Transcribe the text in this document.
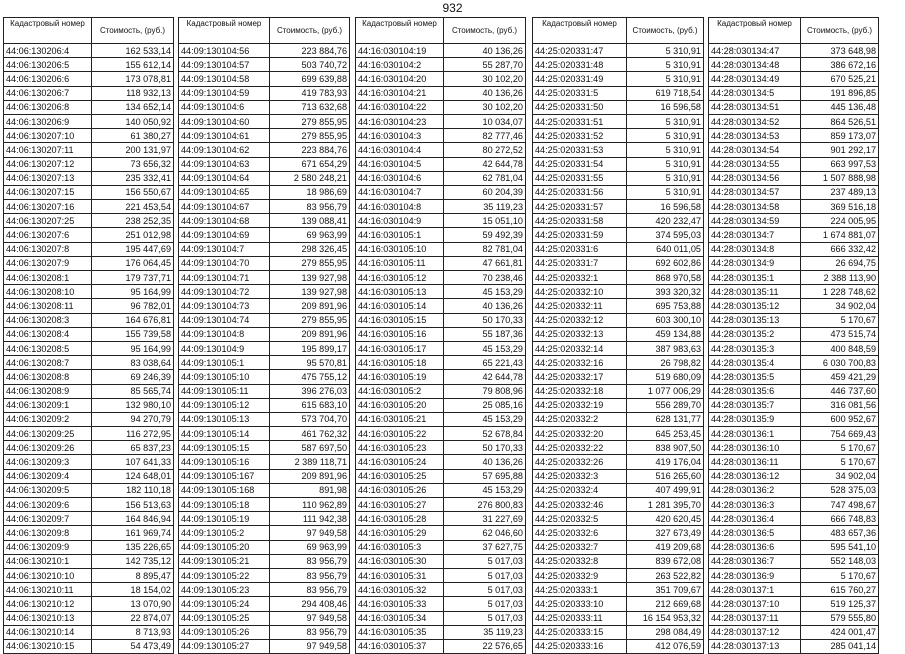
932
Кадастровый номер	Стоимость, (руб.)
44:06:130206:4	162 533,14
44:06:130206:5	155 612,14
44:06:130206:6	173 078,81
44:06:130206:7	118 932,13
44:06:130206:8	134 652,14
44:06:130206:9	140 050,92
44:06:130207:10	61 380,27
44:06:130207:11	200 131,97
44:06:130207:12	73 656,32
44:06:130207:13	235 332,41
44:06:130207:15	156 550,67
44:06:130207:16	221 453,54
44:06:130207:25	238 252,35
44:06:130207:6	251 012,98
44:06:130207:8	195 447,69
44:06:130207:9	176 064,45
44:06:130208:1	179 737,71
44:06:130208:10	95 164,99
44:06:130208:11	96 782,01
44:06:130208:3	164 676,81
44:06:130208:4	155 739,58
44:06:130208:5	95 164,99
44:06:130208:7	83 038,64
44:06:130208:8	69 246,39
44:06:130208:9	85 565,74
44:06:130209:1	132 980,10
44:06:130209:2	94 270,79
44:06:130209:25	116 272,95
44:06:130209:26	65 837,23
44:06:130209:3	107 641,33
44:06:130209:4	124 648,01
44:06:130209:5	182 110,18
44:06:130209:6	156 513,63
44:06:130209:7	164 846,94
44:06:130209:8	161 969,74
44:06:130209:9	135 226,65
44:06:130210:1	142 735,12
44:06:130210:10	8 895,47
44:06:130210:11	18 154,02
44:06:130210:12	13 070,90
44:06:130210:13	22 874,07
44:06:130210:14	8 713,93
44:06:130210:15	54 473,49
Кадастровый номер	Стоимость, (руб.)
44:09:130104:56	223 884,76
44:09:130104:57	503 740,72
44:09:130104:58	699 639,88
44:09:130104:59	419 783,93
44:09:130104:6	713 632,68
44:09:130104:60	279 855,95
44:09:130104:61	279 855,95
44:09:130104:62	223 884,76
44:09:130104:63	671 654,29
44:09:130104:64	2 580 248,21
44:09:130104:65	18 986,69
44:09:130104:67	83 956,79
44:09:130104:68	139 088,41
44:09:130104:69	69 963,99
44:09:130104:7	298 326,45
44:09:130104:70	279 855,95
44:09:130104:71	139 927,98
44:09:130104:72	139 927,98
44:09:130104:73	209 891,96
44:09:130104:74	279 855,95
44:09:130104:8	209 891,96
44:09:130104:9	195 899,17
44:09:130105:1	95 570,81
44:09:130105:10	475 755,12
44:09:130105:11	396 276,03
44:09:130105:12	615 683,10
44:09:130105:13	573 704,70
44:09:130105:14	461 762,32
44:09:130105:15	587 697,50
44:09:130105:16	2 389 118,71
44:09:130105:167	209 891,96
44:09:130105:168	891,98
44:09:130105:18	110 962,89
44:09:130105:19	111 942,38
44:09:130105:2	97 949,58
44:09:130105:20	69 963,99
44:09:130105:21	83 956,79
44:09:130105:22	83 956,79
44:09:130105:23	83 956,79
44:09:130105:24	294 408,46
44:09:130105:25	97 949,58
44:09:130105:26	83 956,79
44:09:130105:27	97 949,58
Кадастровый номер	Стоимость, (руб.)
44:16:030104:19	40 136,26
44:16:030104:2	55 287,70
44:16:030104:20	30 102,20
44:16:030104:21	40 136,26
44:16:030104:22	30 102,20
44:16:030104:23	10 034,07
44:16:030104:3	82 777,46
44:16:030104:4	80 272,52
44:16:030104:5	42 644,78
44:16:030104:6	62 781,04
44:16:030104:7	60 204,39
44:16:030104:8	35 119,23
44:16:030104:9	15 051,10
44:16:030105:1	59 492,39
44:16:030105:10	82 781,04
44:16:030105:11	47 661,81
44:16:030105:12	70 238,46
44:16:030105:13	45 153,29
44:16:030105:14	40 136,26
44:16:030105:15	50 170,33
44:16:030105:16	55 187,36
44:16:030105:17	45 153,29
44:16:030105:18	65 221,43
44:16:030105:19	42 644,78
44:16:030105:2	79 808,96
44:16:030105:20	25 085,16
44:16:030105:21	45 153,29
44:16:030105:22	52 678,84
44:16:030105:23	50 170,33
44:16:030105:24	40 136,26
44:16:030105:25	57 695,88
44:16:030105:26	45 153,29
44:16:030105:27	276 800,83
44:16:030105:28	31 227,69
44:16:030105:29	62 046,60
44:16:030105:3	37 627,75
44:16:030105:30	5 017,03
44:16:030105:31	5 017,03
44:16:030105:32	5 017,03
44:16:030105:33	5 017,03
44:16:030105:34	5 017,03
44:16:030105:35	35 119,23
44:16:030105:37	22 576,65
Кадастровый номер	Стоимость, (руб.)
44:25:020331:47	5 310,91
44:25:020331:48	5 310,91
44:25:020331:49	5 310,91
44:25:020331:5	619 718,54
44:25:020331:50	16 596,58
44:25:020331:51	5 310,91
44:25:020331:52	5 310,91
44:25:020331:53	5 310,91
44:25:020331:54	5 310,91
44:25:020331:55	5 310,91
44:25:020331:56	5 310,91
44:25:020331:57	16 596,58
44:25:020331:58	420 232,47
44:25:020331:59	374 595,03
44:25:020331:6	640 011,05
44:25:020331:7	692 602,86
44:25:020332:1	868 970,58
44:25:020332:10	393 320,32
44:25:020332:11	695 753,88
44:25:020332:12	603 300,10
44:25:020332:13	459 134,88
44:25:020332:14	387 983,63
44:25:020332:16	26 798,82
44:25:020332:17	519 680,09
44:25:020332:18	1 077 006,29
44:25:020332:19	556 289,70
44:25:020332:2	628 131,77
44:25:020332:20	645 253,45
44:25:020332:22	838 907,50
44:25:020332:26	419 176,04
44:25:020332:3	516 265,60
44:25:020332:4	407 499,91
44:25:020332:46	1 281 395,70
44:25:020332:5	420 620,45
44:25:020332:6	327 673,49
44:25:020332:7	419 209,68
44:25:020332:8	839 672,08
44:25:020332:9	263 522,82
44:25:020333:1	351 709,67
44:25:020333:10	212 669,68
44:25:020333:11	16 154 953,32
44:25:020333:15	298 084,49
44:25:020333:16	412 076,59
Кадастровый номер	Стоимость, (руб.)
44:28:030134:47	373 648,98
44:28:030134:48	386 672,16
44:28:030134:49	670 525,21
44:28:030134:5	191 896,85
44:28:030134:51	445 136,48
44:28:030134:52	864 526,51
44:28:030134:53	859 173,07
44:28:030134:54	901 292,17
44:28:030134:55	663 997,53
44:28:030134:56	1 507 888,98
44:28:030134:57	237 489,13
44:28:030134:58	369 516,18
44:28:030134:59	224 005,95
44:28:030134:7	1 674 881,07
44:28:030134:8	666 332,42
44:28:030134:9	26 694,75
44:28:030135:1	2 388 113,90
44:28:030135:11	1 228 748,62
44:28:030135:12	34 902,04
44:28:030135:13	5 170,67
44:28:030135:2	473 515,74
44:28:030135:3	400 848,59
44:28:030135:4	6 030 700,83
44:28:030135:5	459 421,29
44:28:030135:6	446 737,60
44:28:030135:7	316 081,56
44:28:030135:9	600 952,67
44:28:030136:1	754 669,43
44:28:030136:10	5 170,67
44:28:030136:11	5 170,67
44:28:030136:12	34 902,04
44:28:030136:2	528 375,03
44:28:030136:3	747 498,67
44:28:030136:4	666 748,83
44:28:030136:5	483 657,36
44:28:030136:6	595 541,10
44:28:030136:7	552 148,03
44:28:030136:9	5 170,67
44:28:030137:1	615 760,27
44:28:030137:10	519 125,37
44:28:030137:11	579 555,80
44:28:030137:12	424 001,47
44:28:030137:13	285 041,14
